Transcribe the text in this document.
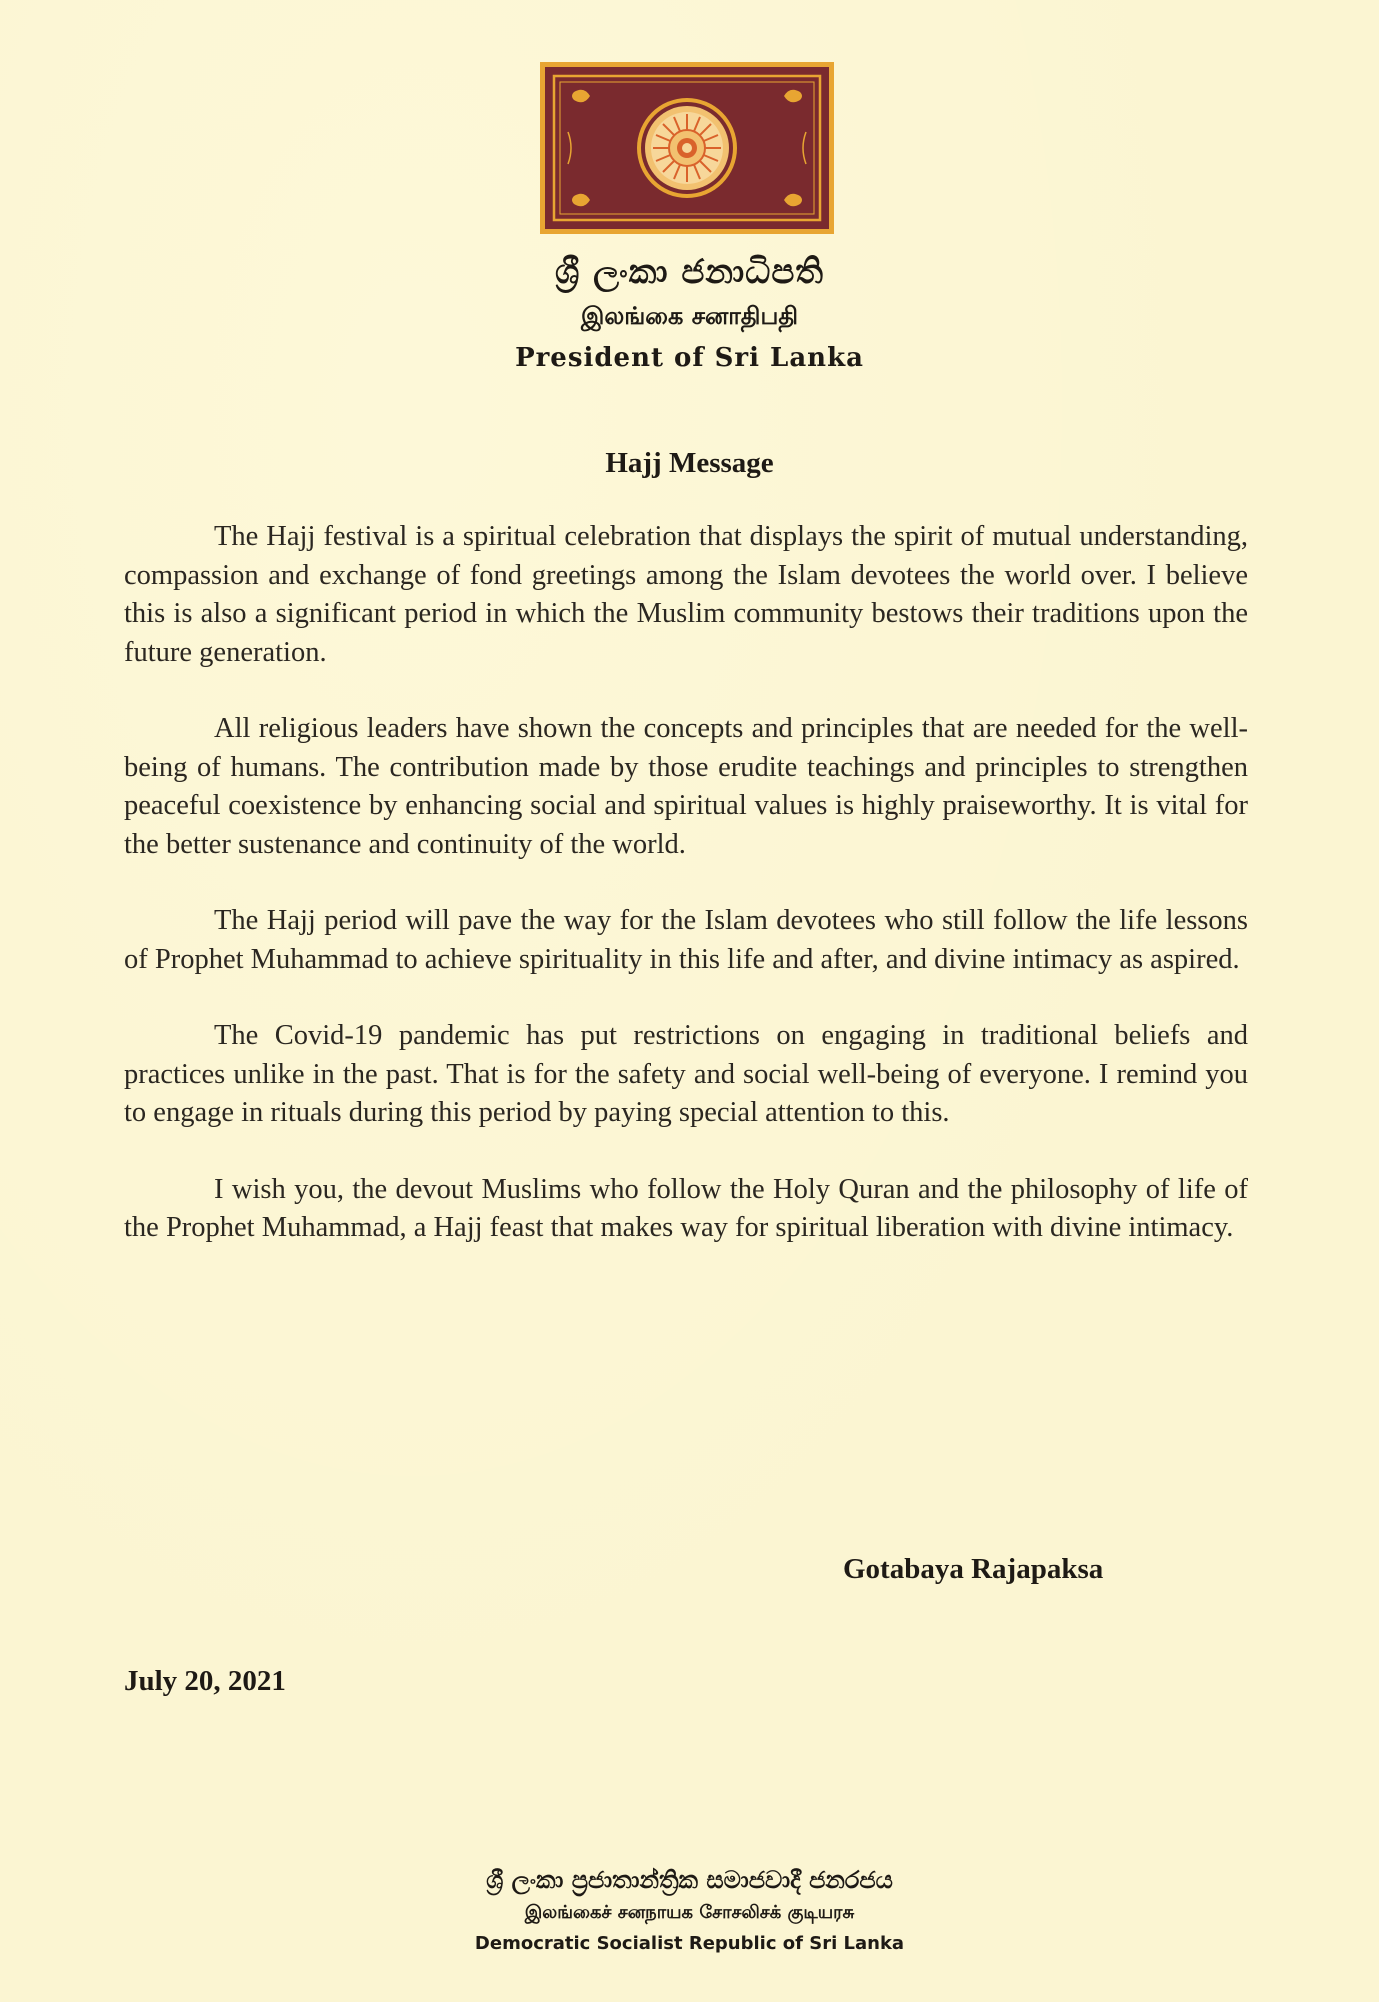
ශ්‍රී ලංකා ජනාධිපති
இலங்கை சனாதிபதி
President of Sri Lanka
Hajj Message

The Hajj festival is a spiritual celebration that displays the spirit of mutual understanding, compassion and exchange of fond greetings among the Islam devotees the world over. I believe this is also a significant period in which the Muslim community bestows their traditions upon the future generation.

All religious leaders have shown the concepts and principles that are needed for the well-being of humans. The contribution made by those erudite teachings and principles to strengthen peaceful coexistence by enhancing social and spiritual values is highly praiseworthy. It is vital for the better sustenance and continuity of the world.

The Hajj period will pave the way for the Islam devotees who still follow the life lessons of Prophet Muhammad to achieve spirituality in this life and after, and divine intimacy as aspired.

The Covid-19 pandemic has put restrictions on engaging in traditional beliefs and practices unlike in the past. That is for the safety and social well-being of everyone. I remind you to engage in rituals during this period by paying special attention to this.

I wish you, the devout Muslims who follow the Holy Quran and the philosophy of life of the Prophet Muhammad, a Hajj feast that makes way for spiritual liberation with divine intimacy.

Gotabaya Rajapaksa
July 20, 2021
ශ්‍රී ලංකා ප්‍රජාතාන්ත්‍රික සමාජවාදී ජනරජය
இலங்கைச் சனநாயக சோசலிசக் குடியரசு
Democratic Socialist Republic of Sri Lanka
